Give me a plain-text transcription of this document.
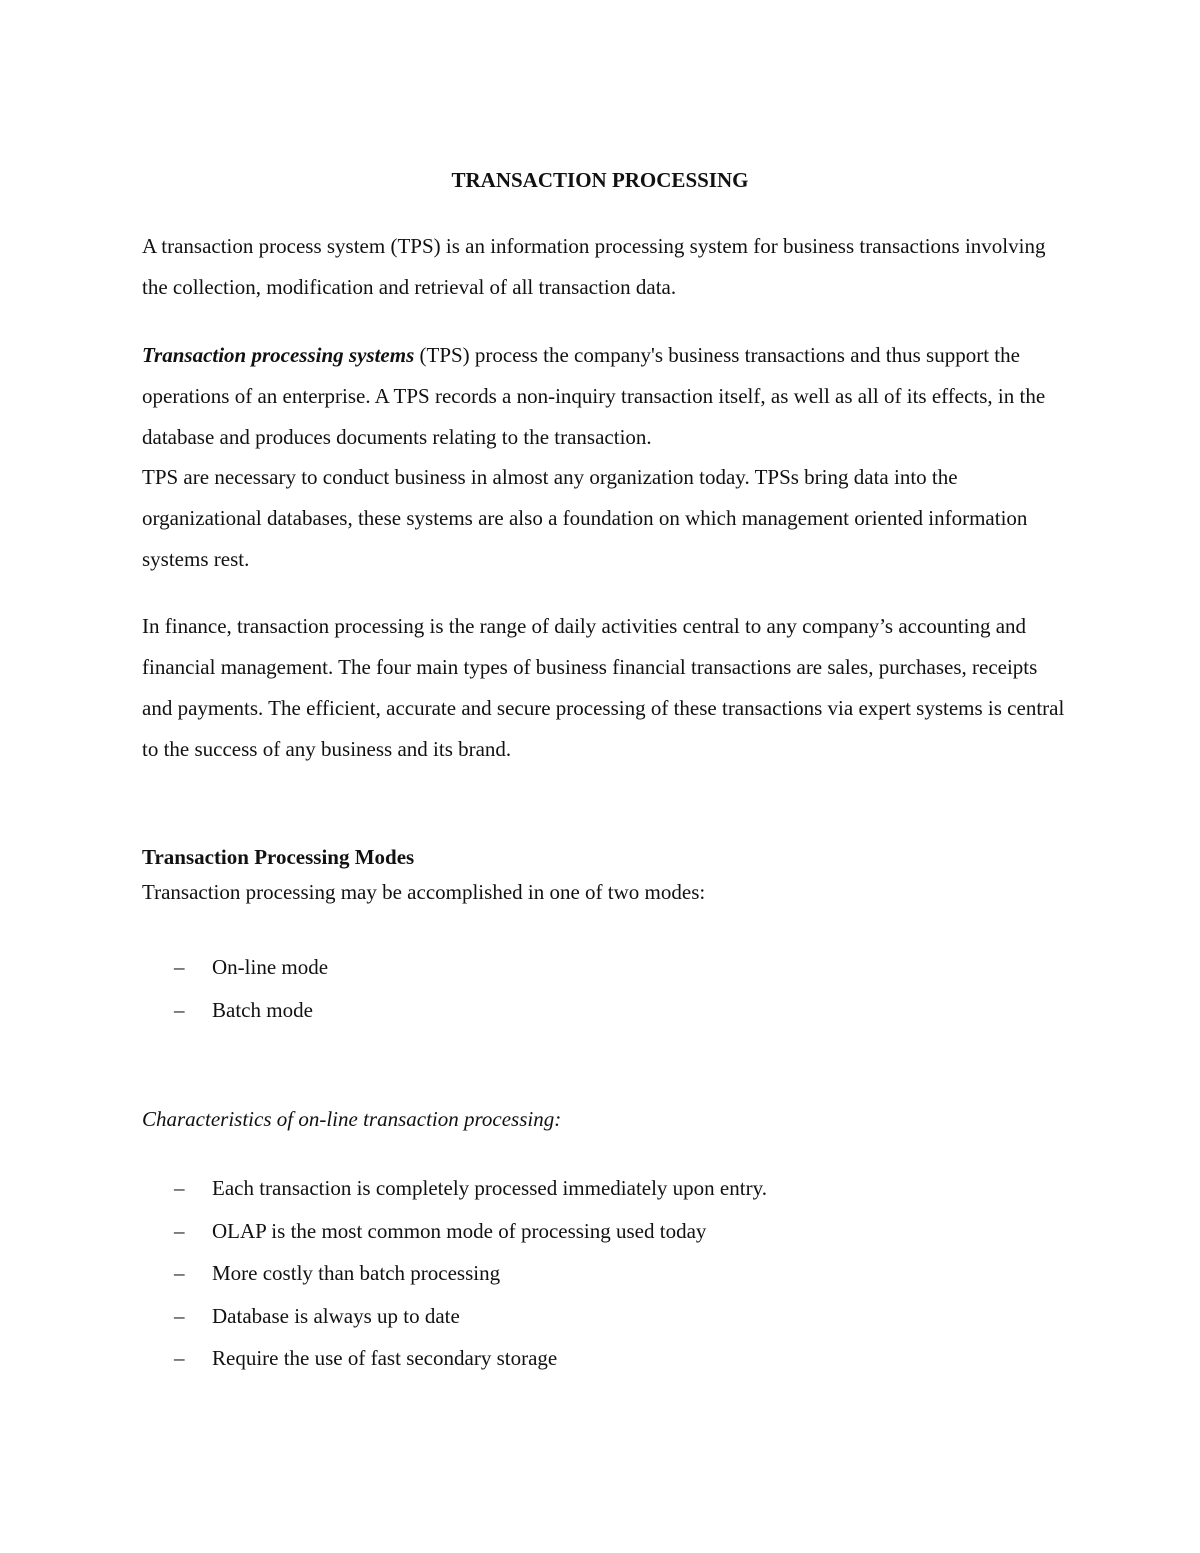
TRANSACTION PROCESSING

A transaction process system (TPS) is an information processing system for business transactions involving the collection, modification and retrieval of all transaction data.

Transaction processing systems (TPS) process the company's business transactions and thus support the operations of an enterprise. A TPS records a non-inquiry transaction itself, as well as all of its effects, in the database and produces documents relating to the transaction.

TPS are necessary to conduct business in almost any organization today. TPSs bring data into the organizational databases, these systems are also a foundation on which management oriented information systems rest.

In finance, transaction processing is the range of daily activities central to any company’s accounting and financial management. The four main types of business financial transactions are sales, purchases, receipts and payments. The efficient, accurate and secure processing of these transactions via expert systems is central to the success of any business and its brand.

Transaction Processing Modes

Transaction processing may be accomplished in one of two modes:

– On-line mode
– Batch mode

Characteristics of on-line transaction processing:

– Each transaction is completely processed immediately upon entry.
– OLAP is the most common mode of processing used today
– More costly than batch processing
– Database is always up to date
– Require the use of fast secondary storage
